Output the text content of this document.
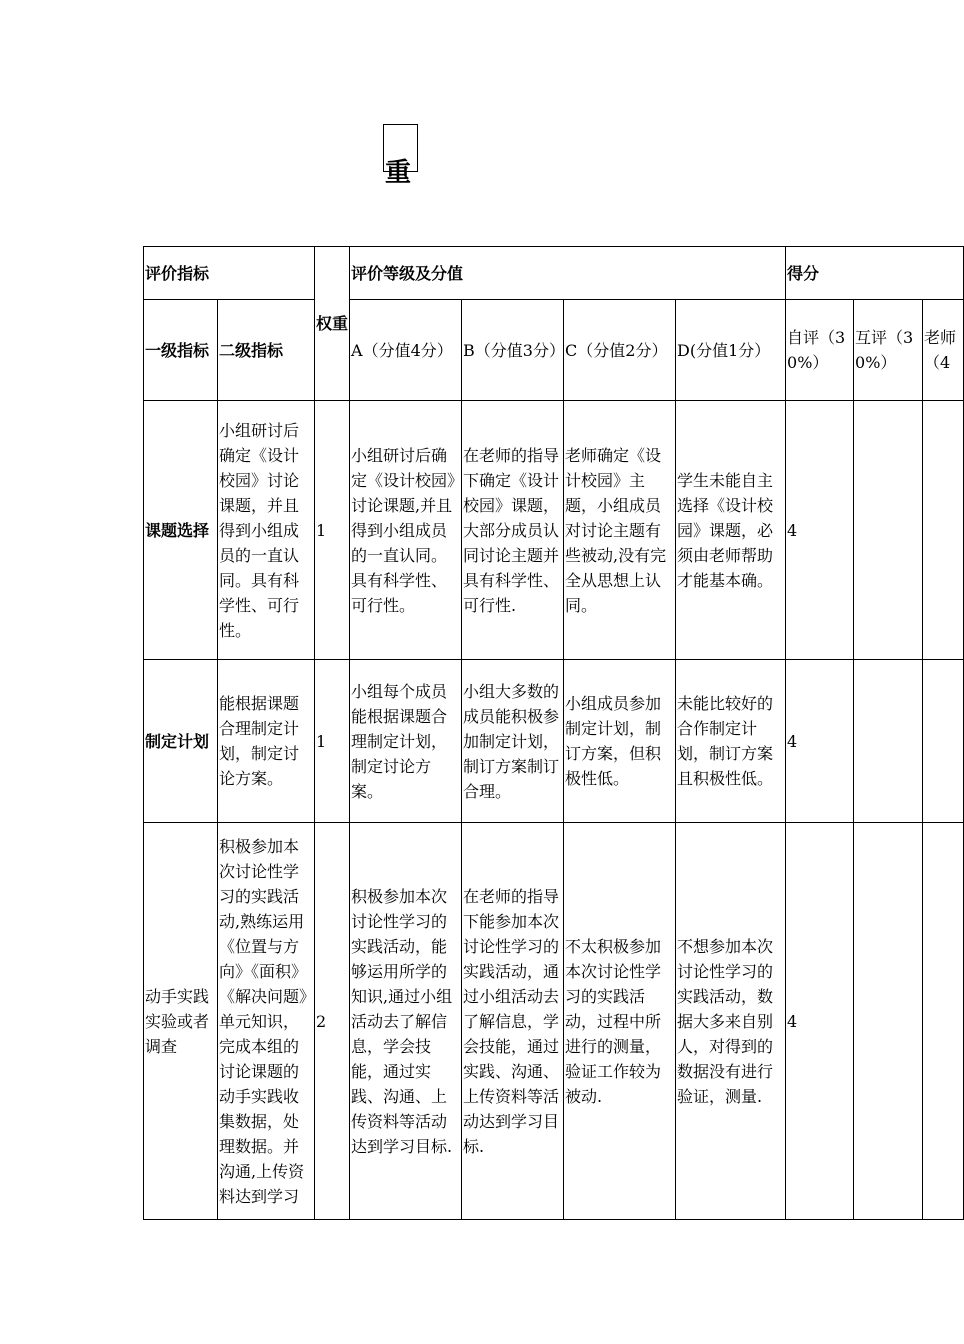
重
评价指标		权重	评价等级及分值				得分		
一级指标	二级指标		A（分值4分）	B（分值3分）	C（分值2分）	D(分值1分）	自评（30%）	互评（30%）	老师（4
课题选择	小组研讨后确定《设计校园》讨论课题，并且得到小组成员的一直认同。具有科学性、可行性。	1	小组研讨后确定《设计校园》讨论课题,并且得到小组成员的一直认同。具有科学性、可行性。	在老师的指导下确定《设计校园》课题，大部分成员认同讨论主题并具有科学性、可行性.	老师确定《设计校园》主题，小组成员对讨论主题有些被动,没有完全从思想上认同。	学生未能自主选择《设计校园》课题，必须由老师帮助才能基本确。	4		
制定计划	能根据课题合理制定计划，制定讨论方案。	1	小组每个成员能根据课题合理制定计划，制定讨论方案。	小组大多数的成员能积极参加制定计划，制订方案制订合理。	小组成员参加制定计划，制订方案，但积极性低。	未能比较好的合作制定计划，制订方案且积极性低。	4		
动手实践实验或者调查	积极参加本次讨论性学习的实践活动,熟练运用《位置与方向》《面积》《解决问题》单元知识，完成本组的讨论课题的动手实践收集数据，处理数据。并沟通,上传资料达到学习	2	积极参加本次讨论性学习的实践活动，能够运用所学的知识,通过小组活动去了解信息，学会技能，通过实践、沟通、上传资料等活动达到学习目标.	在老师的指导下能参加本次讨论性学习的实践活动，通过小组活动去了解信息，学会技能，通过实践、沟通、上传资料等活动达到学习目标.	不太积极参加本次讨论性学习的实践活动，过程中所进行的测量，验证工作较为被动.	不想参加本次讨论性学习的实践活动，数据大多来自别人，对得到的数据没有进行验证，测量.	4		
